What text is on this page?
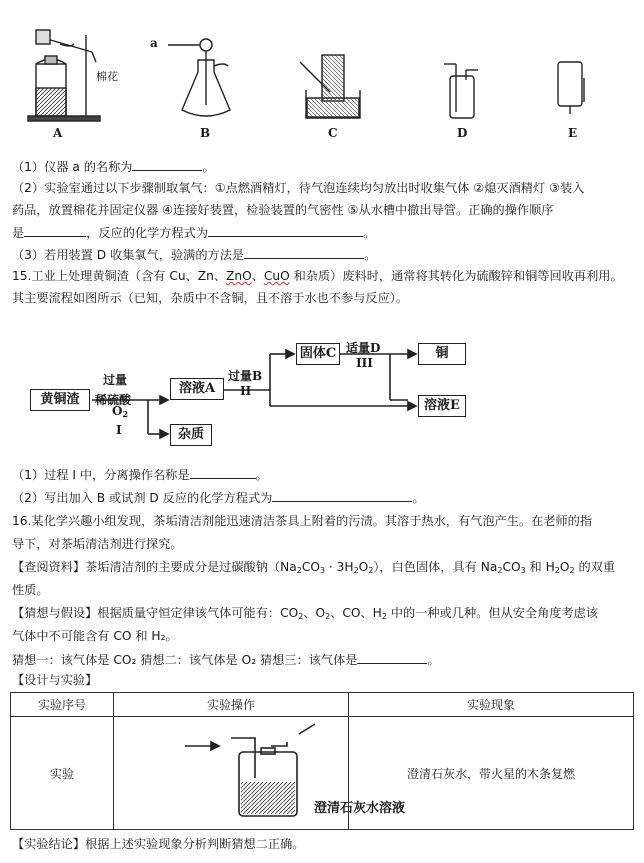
a
棉花
A	B	C	D	E
（1）仪器 a 的名称为	。
（2）实验室通过以下步骤制取氧气：①点燃酒精灯，待气泡连续均匀放出时收集气体 ②熄灭酒精灯 ③装入
药品，放置棉花并固定仪器 ④连接好装置，检验装置的气密性 ⑤从水槽中撤出导管。正确的操作顺序
是	，反应的化学方程式为	。
（3）若用装置 D 收集氧气，验满的方法是	。
15.工业上处理黄铜渣（含有 Cu、Zn、ZnO、CuO 和杂质）废料时，通常将其转化为硫酸锌和铜等回收再利用。
其主要流程如图所示（已知，杂质中不含铜，且不溶于水也不参与反应）。
黄铜渣
过量
稀硫酸
$O_2$
I
溶液A
杂质
过量B
II
固体C 适量D
III
铜
溶液E
（1）过程 I 中，分离操作名称是	。
（2）写出加入 B 或试剂 D 反应的化学方程式为	。
16.某化学兴趣小组发现，茶垢清洁剂能迅速清洁茶具上附着的污渍。其溶于热水，有气泡产生。在老师的指
导下，对茶垢清洁剂进行探究。
【查阅资料】茶垢清洁剂的主要成分是过碳酸钠$(Na_2CO_3 \cdot 3H_2O_2)$，白色固体，具有 $Na_2CO_3$ 和 $H_2O_2$ 的双重
性质。
【猜想与假设】根据质量守恒定律该气体可能有：$CO_2$、$O_2$、CO、$H_2$ 中的一种或几种。但从安全角度考虑该
气体中不可能含有 CO 和 H₂。
猜想一：该气体是 CO₂ 猜想二：该气体是 O₂ 猜想三：该气体是	。
【设计与实验】
实验序号	实验操作	实验现象
实验	澄清石灰水溶液	澄清石灰水，带火星的木条复燃
【实验结论】根据上述实验现象分析判断猜想二正确。
